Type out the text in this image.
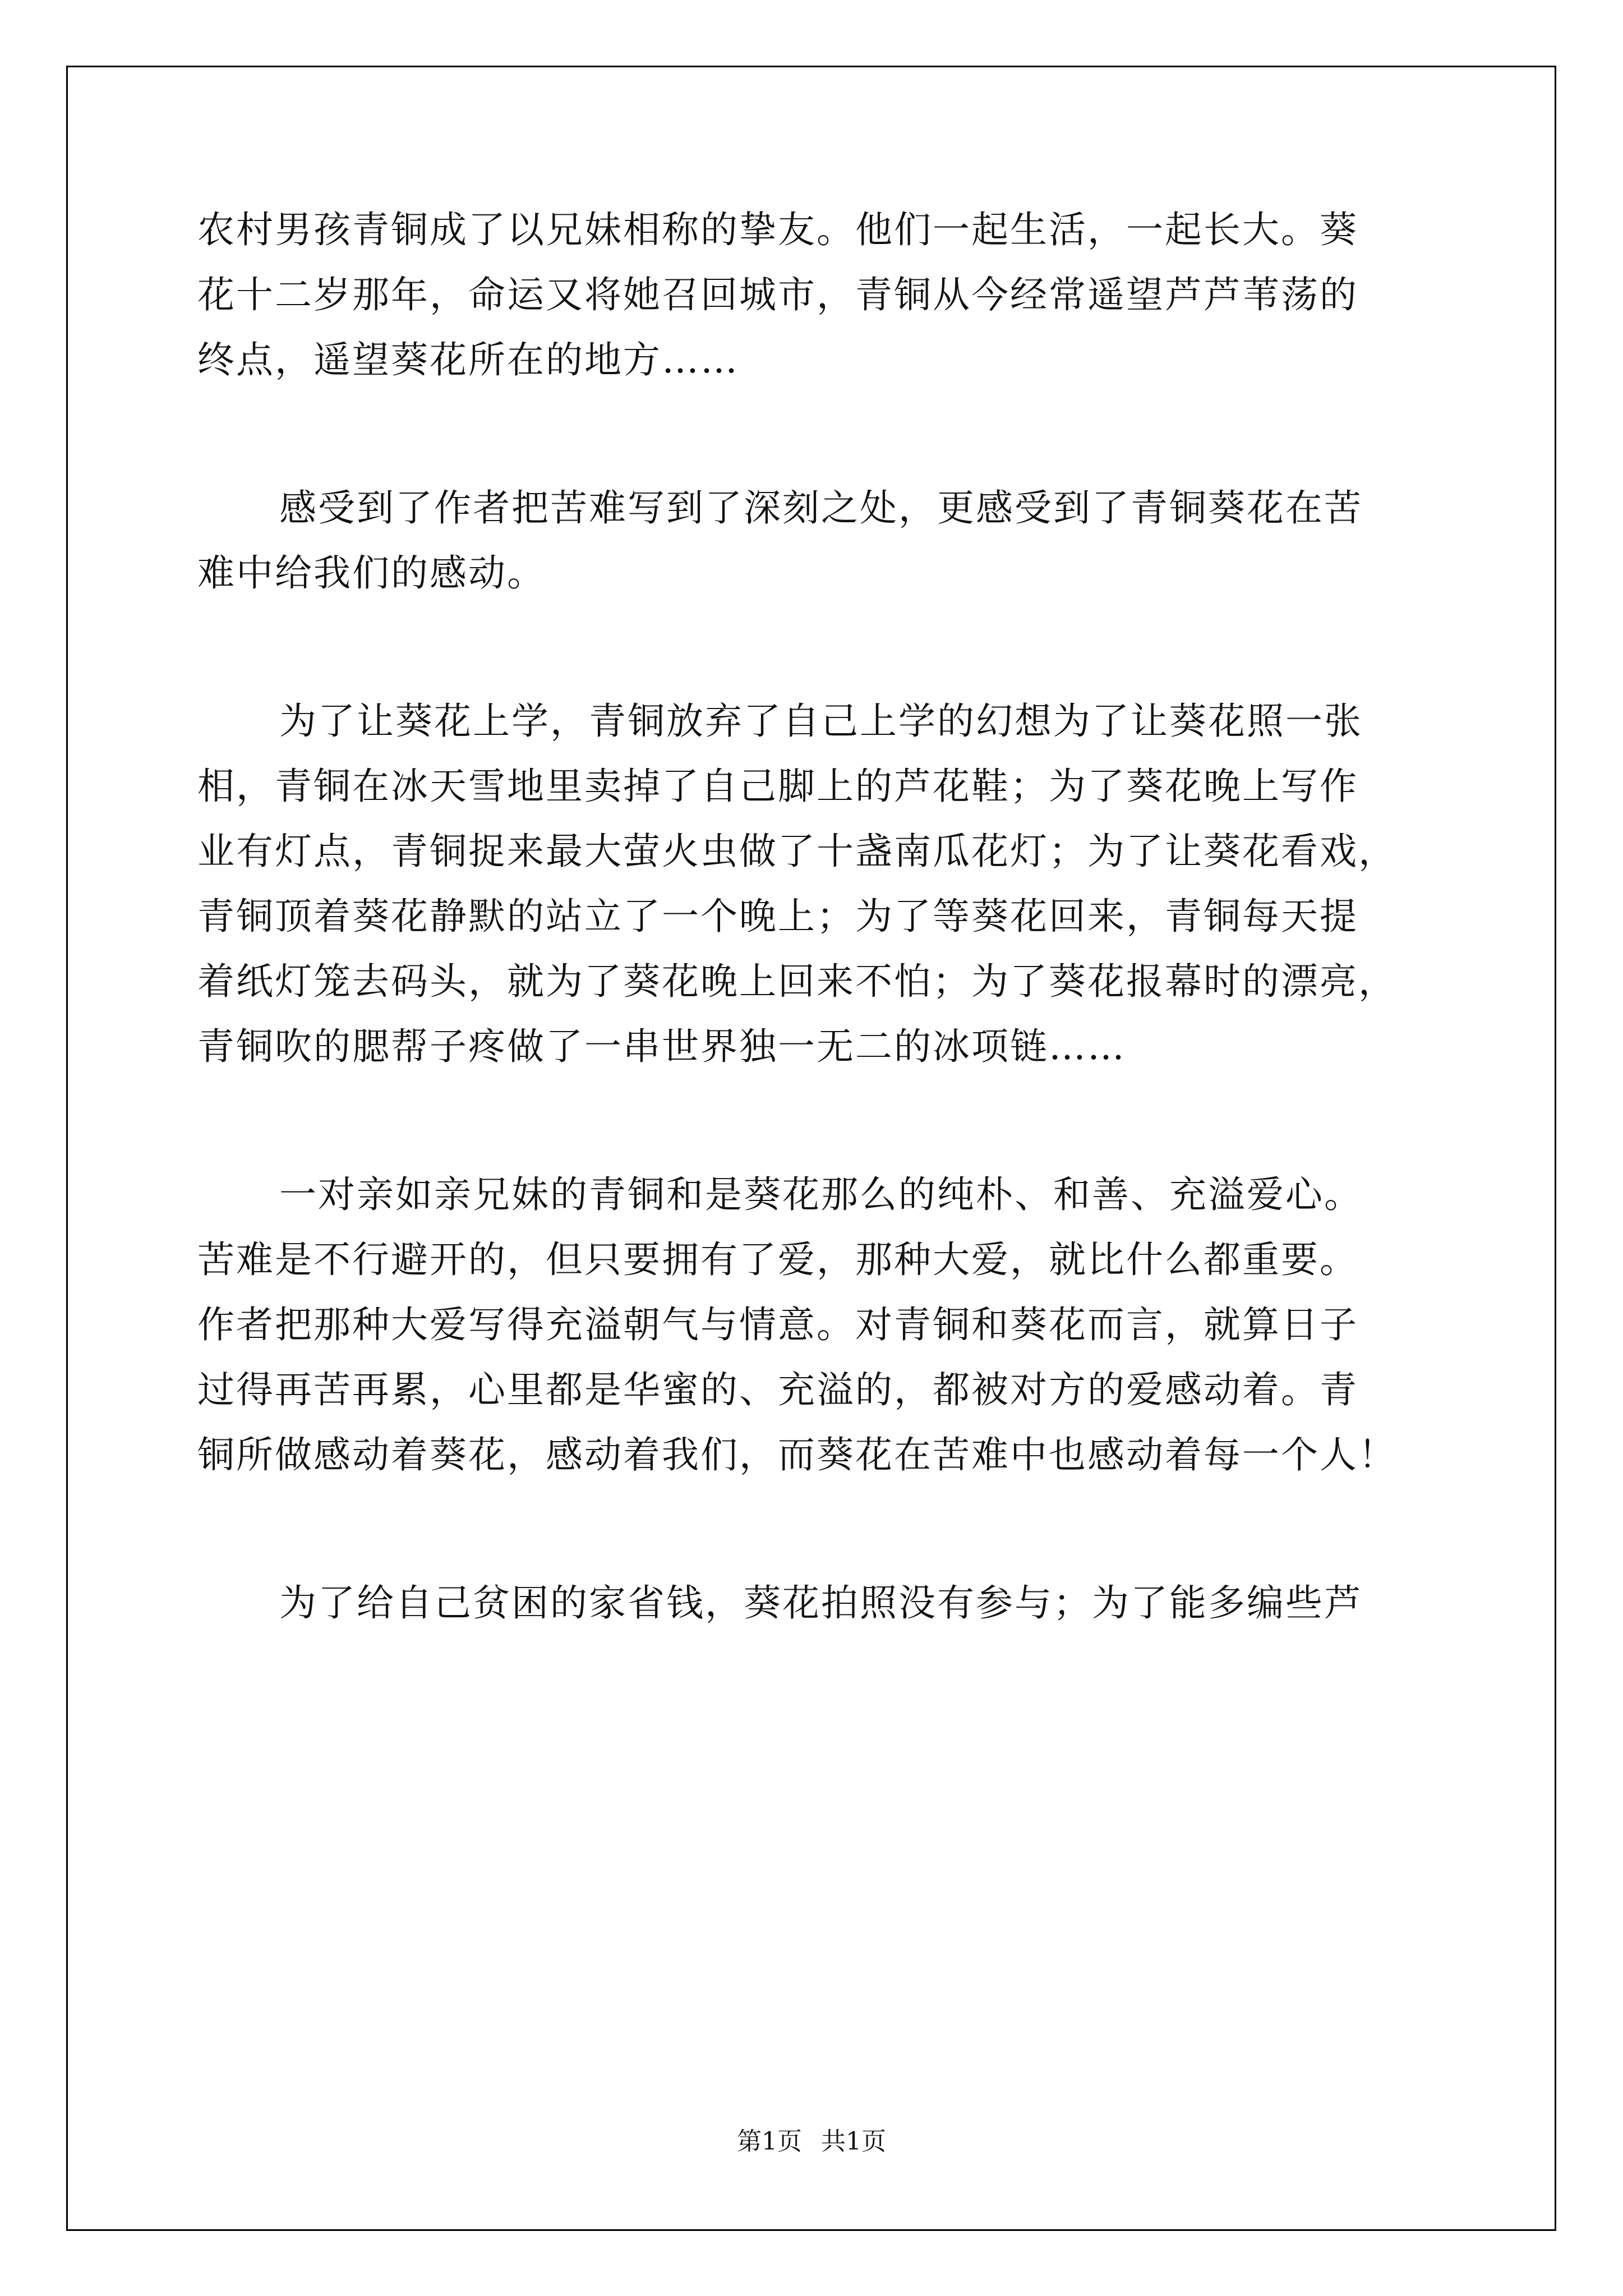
农村男孩青铜成了以兄妹相称的挚友。他们一起生活，一起长大。葵
花十二岁那年，命运又将她召回城市，青铜从今经常遥望芦芦苇荡的
终点，遥望葵花所在的地方……
感受到了作者把苦难写到了深刻之处，更感受到了青铜葵花在苦
难中给我们的感动。
为了让葵花上学，青铜放弃了自己上学的幻想为了让葵花照一张
相，青铜在冰天雪地里卖掉了自己脚上的芦花鞋；为了葵花晚上写作
业有灯点，青铜捉来最大萤火虫做了十盏南瓜花灯；为了让葵花看戏，
青铜顶着葵花静默的站立了一个晚上；为了等葵花回来，青铜每天提
着纸灯笼去码头，就为了葵花晚上回来不怕；为了葵花报幕时的漂亮，
青铜吹的腮帮子疼做了一串世界独一无二的冰项链……
一对亲如亲兄妹的青铜和是葵花那么的纯朴、和善、充溢爱心。
苦难是不行避开的，但只要拥有了爱，那种大爱，就比什么都重要。
作者把那种大爱写得充溢朝气与情意。对青铜和葵花而言，就算日子
过得再苦再累，心里都是华蜜的、充溢的，都被对方的爱感动着。青
铜所做感动着葵花，感动着我们，而葵花在苦难中也感动着每一个人！
为了给自己贫困的家省钱，葵花拍照没有参与；为了能多编些芦
第1页 共1页
